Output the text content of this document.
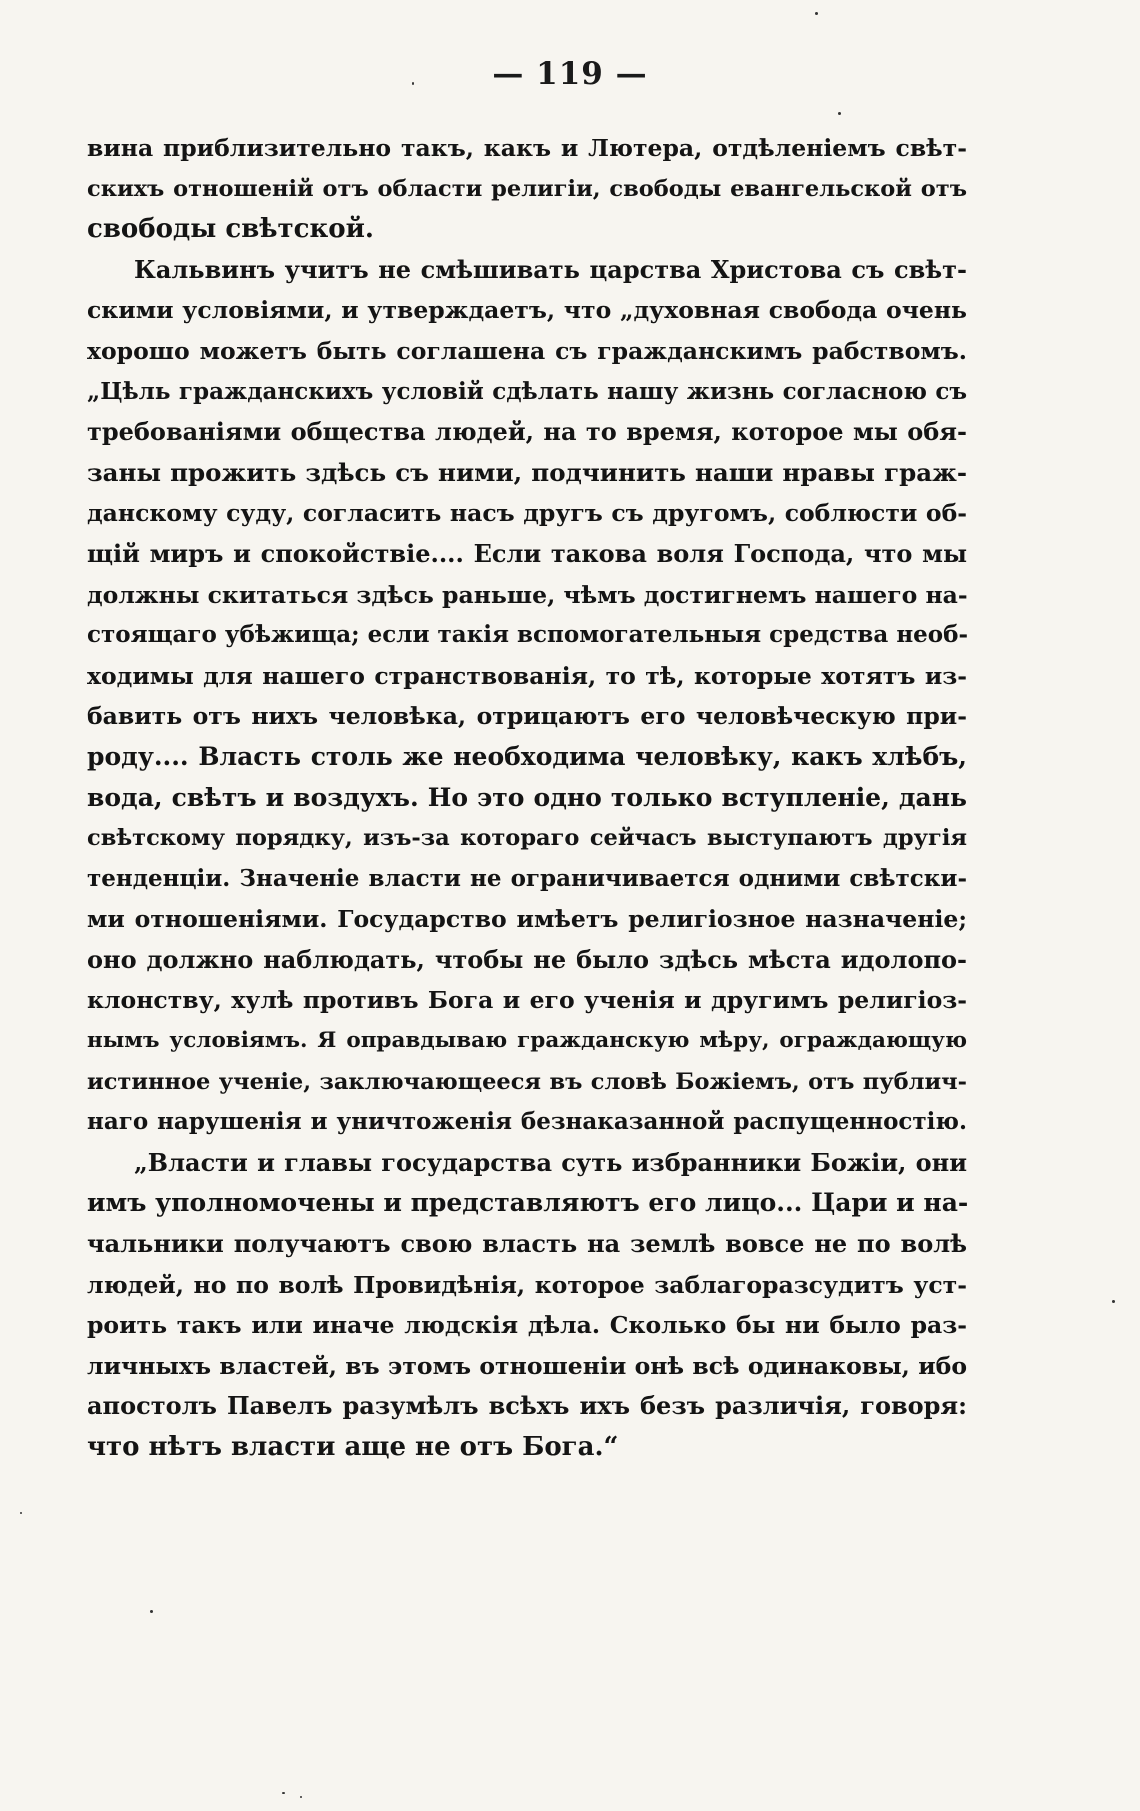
— 119 —
вина приблизительно такъ, какъ и Лютера, отдѣленіемъ свѣт-
скихъ отношеній отъ области религіи, свободы евангельской отъ
свободы свѣтской.
Кальвинъ учитъ не смѣшивать царства Христова съ свѣт-
скими условіями, и утверждаетъ, что „духовная свобода очень
хорошо можетъ быть соглашена съ гражданскимъ рабствомъ.
„Цѣль гражданскихъ условій сдѣлать нашу жизнь согласною съ
требованіями общества людей, на то время, которое мы обя-
заны прожить здѣсь съ ними, подчинить наши нравы граж-
данскому суду, согласить насъ другъ съ другомъ, соблюсти об-
щій миръ и спокойствіе.... Если такова воля Господа, что мы
должны скитаться здѣсь раньше, чѣмъ достигнемъ нашего на-
стоящаго убѣжища; если такія вспомогательныя средства необ-
ходимы для нашего странствованія, то тѣ, которые хотятъ из-
бавить отъ нихъ человѣка, отрицаютъ его человѣческую при-
роду.... Власть столь же необходима человѣку, какъ хлѣбъ,
вода, свѣтъ и воздухъ. Но это одно только вступленіе, дань
свѣтскому порядку, изъ-за котораго сейчасъ выступаютъ другія
тенденціи. Значеніе власти не ограничивается одними свѣтски-
ми отношеніями. Государство имѣетъ религіозное назначеніе;
оно должно наблюдать, чтобы не было здѣсь мѣста идолопо-
клонству, хулѣ противъ Бога и его ученія и другимъ религіоз-
нымъ условіямъ. Я оправдываю гражданскую мѣру, ограждающую
истинное ученіе, заключающееся въ словѣ Божіемъ, отъ публич-
наго нарушенія и уничтоженія безнаказанной распущенностію.
„Власти и главы государства суть избранники Божіи, они
имъ уполномочены и представляютъ его лицо... Цари и на-
чальники получаютъ свою власть на землѣ вовсе не по волѣ
людей, но по волѣ Провидѣнія, которое заблагоразсудитъ уст-
роить такъ или иначе людскія дѣла. Сколько бы ни было раз-
личныхъ властей, въ этомъ отношеніи онѣ всѣ одинаковы, ибо
апостолъ Павелъ разумѣлъ всѣхъ ихъ безъ различія, говоря:
что нѣтъ власти аще не отъ Бога.“
